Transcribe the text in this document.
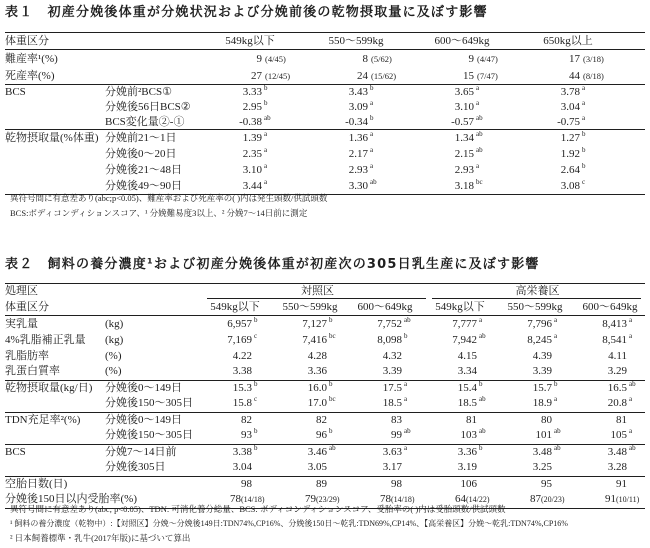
表１　初産分娩後体重が分娩状況および分娩前後の乾物摂取量に及ぼす影響
体重区分		549kg以下	550～599kg	600～649kg	650kg以上
難産率¹(%)		9 (4/45)	8 (5/62)	9 (4/47)	17 (3/18)
死産率(%)		27 (12/45)	24 (15/62)	15 (7/47)	44 (8/18)
BCS	分娩前²BCS①	3.33 $^b$	3.43 $^b$	3.65 $^a$	3.78 $^a$
	分娩後56日BCS②	2.95 $^b$	3.09 $^a$	3.10 $^a$	3.04 $^a$
	BCS変化量②-①	-0.38 $^{ab}$	-0.34 $^b$	-0.57 $^{ab}$	-0.75 $^a$
乾物摂取量(%体重)	分娩前21～1日	1.39 $^a$	1.36 $^a$	1.34 $^{ab}$	1.27 $^b$
	分娩後0～20日	2.35 $^a$	2.17 $^a$	2.15 $^{ab}$	1.92 $^b$
	分娩後21～48日	3.10 $^a$	2.93 $^a$	2.93 $^a$	2.64 $^b$
	分娩後49～90日	3.44 $^a$	3.30 $^{ab}$	3.18 $^{bc}$	3.08 $^c$
異符号間に有意差あり(abc;p<0.05)、難産率および死産率の( )内は発生頭数/供試頭数
BCS:ボディコンディションスコア、¹ 分娩難易度3以上、² 分娩7～14日前に測定
表２　飼料の養分濃度¹および初産分娩後体重が初産次の305日乳生産に及ぼす影響
処理区		対照区			高栄養区		
体重区分		549kg以下	550～599kg	600～649kg	549kg以下	550～599kg	600～649kg
実乳量	(kg)	6,957 $^b$	7,127 $^b$	7,752 $^{ab}$	7,777 $^a$	7,796 $^a$	8,413 $^a$
4%乳脂補正乳量	(kg)	7,169 $^c$	7,416 $^{bc}$	8,098 $^b$	7,942 $^{ab}$	8,245 $^a$	8,541 $^a$
乳脂肪率	(%)	4.22	4.28	4.32	4.15	4.39	4.11
乳蛋白質率	(%)	3.38	3.36	3.39	3.34	3.39	3.29
乾物摂取量(kg/日)	分娩後0～149日	15.3 $^b$	16.0 $^b$	17.5 $^a$	15.4 $^b$	15.7 $^b$	16.5 $^{ab}$
	分娩後150～305日	15.8 $^c$	17.0 $^{bc}$	18.5 $^a$	18.5 $^{ab}$	18.9 $^a$	20.8 $^a$
TDN充足率²(%)	分娩後0～149日	82	82	83	81	80	81
	分娩後150～305日	93 $^b$	96 $^b$	99 $^{ab}$	103 $^{ab}$	101 $^{ab}$	105 $^a$
BCS	分娩7～14日前	3.38 $^b$	3.46 $^{ab}$	3.63 $^a$	3.36 $^b$	3.48 $^{ab}$	3.48 $^{ab}$
	分娩後305日	3.04	3.05	3.17	3.19	3.25	3.28
空胎日数(日)		98	89	98	106	95	91
分娩後150日以内受胎率(%)		78(14/18)	79(23/29)	78(14/18)	64(14/22)	87(20/23)	91(10/11)
異符号間に有意差あり(abc; p<0.05)、TDN: 可消化養分総量、BCS: ボディコンディションスコア、受胎率の( )内は受胎頭数/供試頭数
¹ 飼料の養分濃度（乾物中）:【対照区】分娩～分娩後149日:TDN74%,CP16%、分娩後150日～乾乳:TDN69%,CP14%、【高栄養区】分娩～乾乳:TDN74%,CP16%
² 日本飼養標準・乳牛(2017年版)に基づいて算出
